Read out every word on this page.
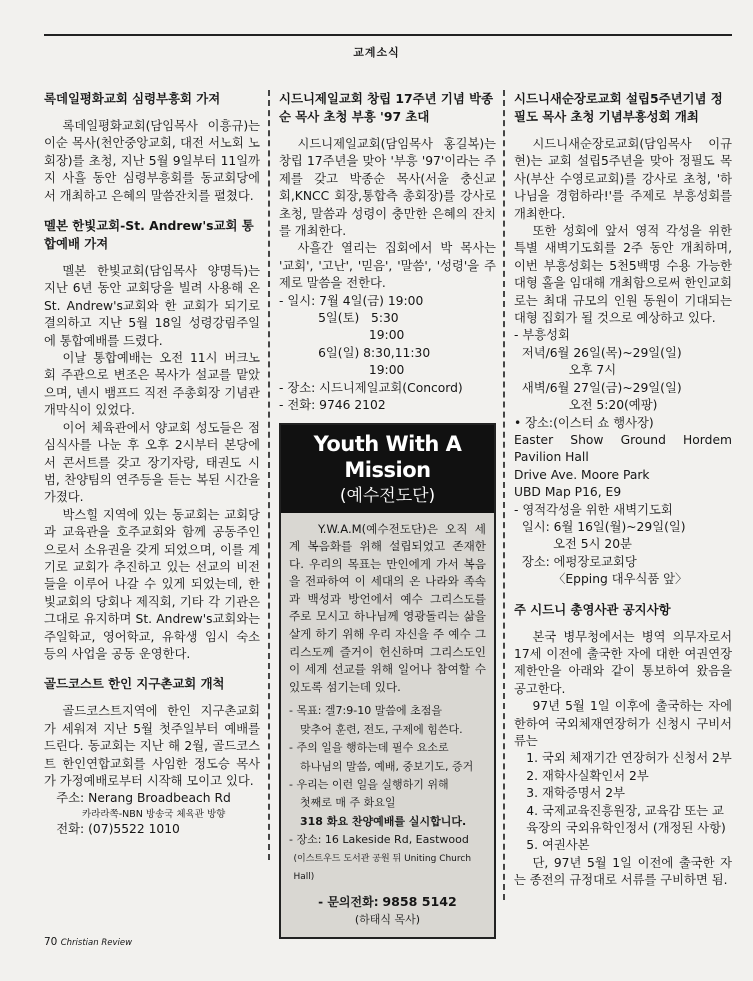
교계소식
록데일평화교회 심령부흥회 가져

록데일평화교회(담임목사 이흥규)는 이순 목사(천안중앙교회, 대전 서노회 노회장)를 초청, 지난 5월 9일부터 11일까지 사흘 동안 심령부흥회를 동교회당에서 개최하고 은혜의 말씀잔치를 펼쳤다.

멜본 한빛교회-St. Andrew's교회 통합예배 가져

멜본 한빛교회(담임목사 양명득)는 지난 6년 동안 교회당을 빌려 사용해 온 St. Andrew's교회와 한 교회가 되기로 결의하고 지난 5월 18일 성령강림주일에 통합예배를 드렸다.

이날 통합예배는 오전 11시 버크노회 주관으로 변조은 목사가 설교를 맡았으며, 넨시 뱀프드 직전 주총회장 기념관 개막식이 있었다.

이어 체육관에서 양교회 성도들은 점심식사를 나눈 후 오후 2시부터 본당에서 콘서트를 갖고 장기자랑, 태권도 시범, 찬양팀의 연주등을 듣는 복된 시간을 가졌다.

박스힐 지역에 있는 동교회는 교회당과 교육관을 호주교회와 함께 공동주인으로서 소유권을 갖게 되었으며, 이를 계기로 교회가 추진하고 있는 선교의 비전들을 이루어 나갈 수 있게 되었는데, 한빛교회의 당회나 제직회, 기타 각 기관은 그대로 유지하며 St. Andrew's교회와는 주일학교, 영어학교, 유학생 임시 숙소 등의 사업을 공동 운영한다.

골드코스트 한인 지구촌교회 개척

골드코스트지역에 한인 지구촌교회가 세워져 지난 5월 첫주일부터 예배를 드린다. 동교회는 지난 해 2월, 골드코스트 한인연합교회를 사임한 정도승 목사가 가정예배로부터 시작해 모이고 있다.

주소: Nerang Broadbeach Rd
카라라쪽-NBN 방송국 체육관 방향
전화: (07)5522 1010
시드니제일교회 창립 17주년 기념 박종순 목사 초청 부흥 '97 초대

시드니제일교회(담임목사 홍길복)는 창립 17주년을 맞아 '부흥 '97'이라는 주제를 갖고 박종순 목사(서울 충신교회,KNCC 회장,통합측 총회장)를 강사로 초청, 말씀과 성령이 충만한 은혜의 잔치를 개최한다.

사흘간 열리는 집회에서 박 목사는 '교회', '고난', '믿음', '말씀', '성령'을 주제로 말씀을 전한다.

- 일시: 7월 4일(금) 19:00
5일(토)   5:30
19:00
6일(일) 8:30,11:30
19:00
- 장소: 시드니제일교회(Concord)
- 전화: 9746 2102

Youth With A Mission
(예수전도단)

Y.W.A.M(예수전도단)은 오직 세계 복음화를 위해 설립되었고 존재한다. 우리의 목표는 만인에게 가서 복음을 전파하여 이 세대의 온 나라와 족속과 백성과 방언에서 예수 그리스도를 주로 모시고 하나님께 영광돌리는 삶을 살게 하기 위해 우리 자신을 주 예수 그리스도께 즐거이 헌신하며 그리스도인이 세계 선교를 위해 일어나 참여할 수 있도록 섬기는데 있다.

- 목표: 겔7:9-10 말씀에 초점을
맞추어 훈련, 전도, 구제에 힘쓴다.
- 주의 일을 행하는데 필수 요소로
하나님의 말씀, 예배, 중보기도, 증거
- 우리는 이런 일을 실행하기 위해
첫째로 매 주 화요일
318 화요 찬양예배를 실시합니다.
- 장소: 16 Lakeside Rd, Eastwood
(이스트우드 도서관 공원 뒤 Uniting Church Hall)
- 문의전화: 9858 5142
(하태식 목사)
시드니새순장로교회 설립5주년기념 정필도 목사 초청 기념부흥성회 개최

시드니새순장로교회(담임목사 이규현)는 교회 설립5주년을 맞아 정필도 목사(부산 수영로교회)를 강사로 초청, '하나님을 경험하라!'를 주제로 부흥성회를 개최한다.

또한 성회에 앞서 영적 각성을 위한 특별 새벽기도회를 2주 동안 개최하며, 이번 부흥성회는 5천5백명 수용 가능한 대형 홀을 임대해 개최함으로써 한인교회로는 최대 규모의 인원 동원이 기대되는 대형 집회가 될 것으로 예상하고 있다.

- 부흥성회
저녁/6월 26일(목)~29일(일)
오후 7시
새벽/6월 27일(금)~29일(일)
오전 5:20(예팡)
• 장소:(이스터 쇼 행사장)
Easter Show Ground Hordem Pavilion Hall
Drive Ave. Moore Park
UBD Map P16, E9
- 영적각성을 위한 새벽기도회
일시: 6월 16일(월)~29일(일)
오전 5시 20분
장소: 에펑장로교회당
〈Epping 대우식품 앞〉

주 시드니 총영사관 공지사항

본국 병무청에서는 병역 의무자로서 17세 이전에 출국한 자에 대한 여권연장 제한안을 아래와 같이 통보하여 왔음을 공고한다.

97년 5월 1일 이후에 출국하는 자에 한하여 국외체재연장허가 신청시 구비서류는

1. 국외 체재기간 연장허가 신청서 2부
2. 재학사실확인서 2부
3. 재학증명서 2부
4. 국제교육진흥원장, 교육감 또는 교육장의 국외유학인정서 (개정된 사항)
5. 여권사본

단, 97년 5월 1일 이전에 출국한 자는 종전의 규정대로 서류를 구비하면 됨.

70 Christian Review
